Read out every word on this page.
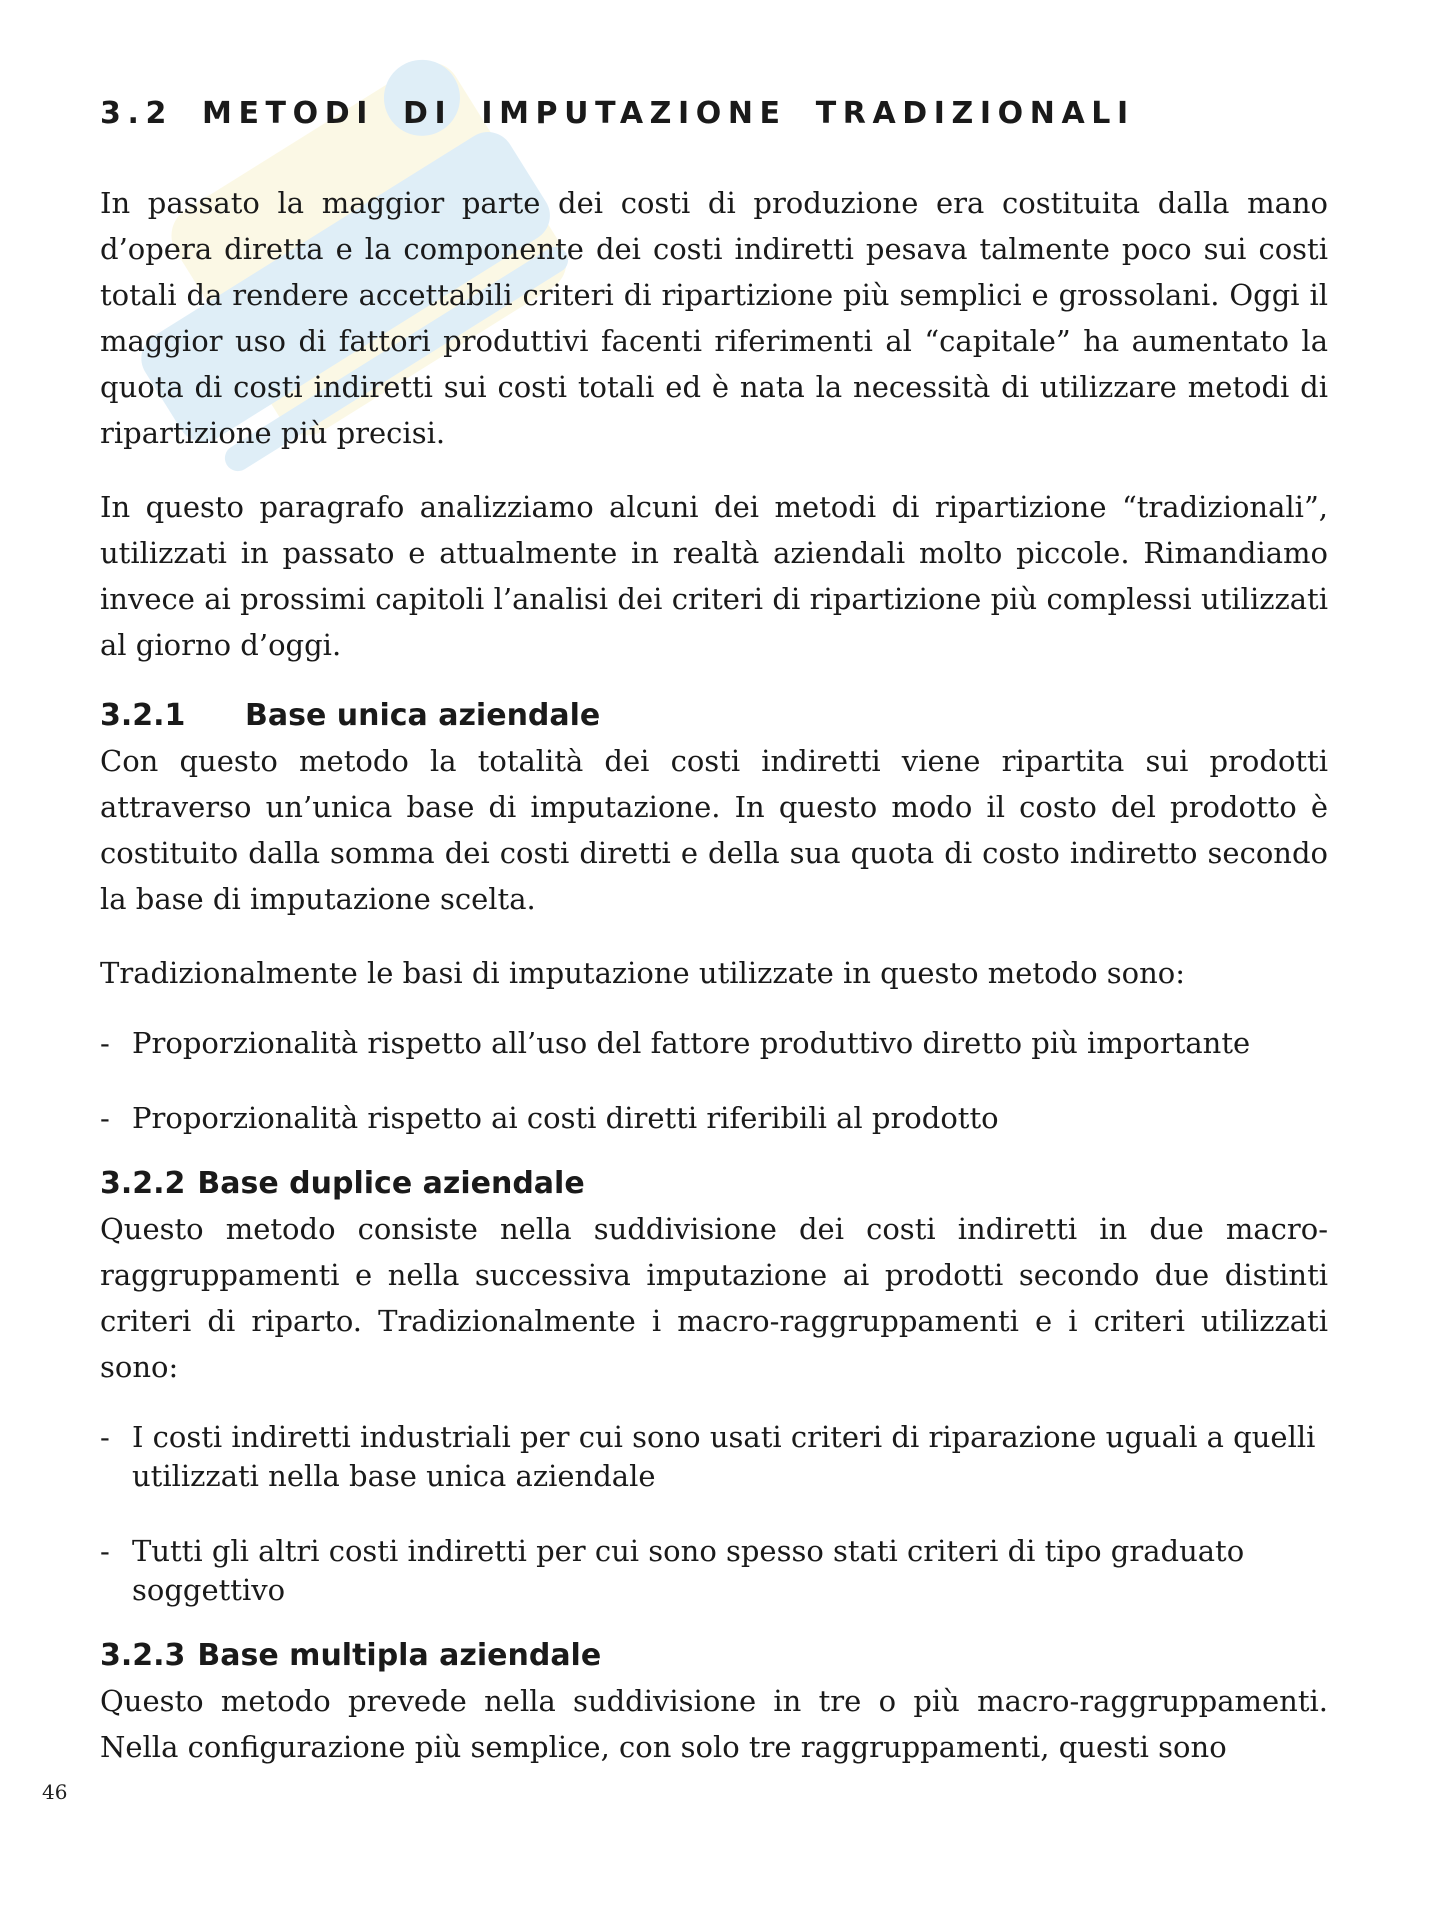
3.2 METODI DI IMPUTAZIONE TRADIZIONALI

In passato la maggior parte dei costi di produzione era costituita dalla mano d’opera diretta e la componente dei costi indiretti pesava talmente poco sui costi totali da rendere accettabili criteri di ripartizione più semplici e grossolani. Oggi il maggior uso di fattori produttivi facenti riferimenti al “capitale” ha aumentato la quota di costi indiretti sui costi totali ed è nata la necessità di utilizzare metodi di ripartizione più precisi.

In questo paragrafo analizziamo alcuni dei metodi di ripartizione “tradizionali”, utilizzati in passato e attualmente in realtà aziendali molto piccole. Rimandiamo invece ai prossimi capitoli l’analisi dei criteri di ripartizione più complessi utilizzati al giorno d’oggi.

3.2.1 Base unica aziendale

Con questo metodo la totalità dei costi indiretti viene ripartita sui prodotti attraverso un’unica base di imputazione. In questo modo il costo del prodotto è costituito dalla somma dei costi diretti e della sua quota di costo indiretto secondo la base di imputazione scelta.

Tradizionalmente le basi di imputazione utilizzate in questo metodo sono:

- Proporzionalità rispetto all’uso del fattore produttivo diretto più importante
- Proporzionalità rispetto ai costi diretti riferibili al prodotto
3.2.2 Base duplice aziendale

Questo metodo consiste nella suddivisione dei costi indiretti in due macro-raggruppamenti e nella successiva imputazione ai prodotti secondo due distinti criteri di riparto. Tradizionalmente i macro-raggruppamenti e i criteri utilizzati sono:

- I costi indiretti industriali per cui sono usati criteri di riparazione uguali a quelli utilizzati nella base unica aziendale
- Tutti gli altri costi indiretti per cui sono spesso stati criteri di tipo graduato soggettivo
3.2.3 Base multipla aziendale

Questo metodo prevede nella suddivisione in tre o più macro-raggruppamenti. Nella configurazione più semplice, con solo tre raggruppamenti, questi sono

46
